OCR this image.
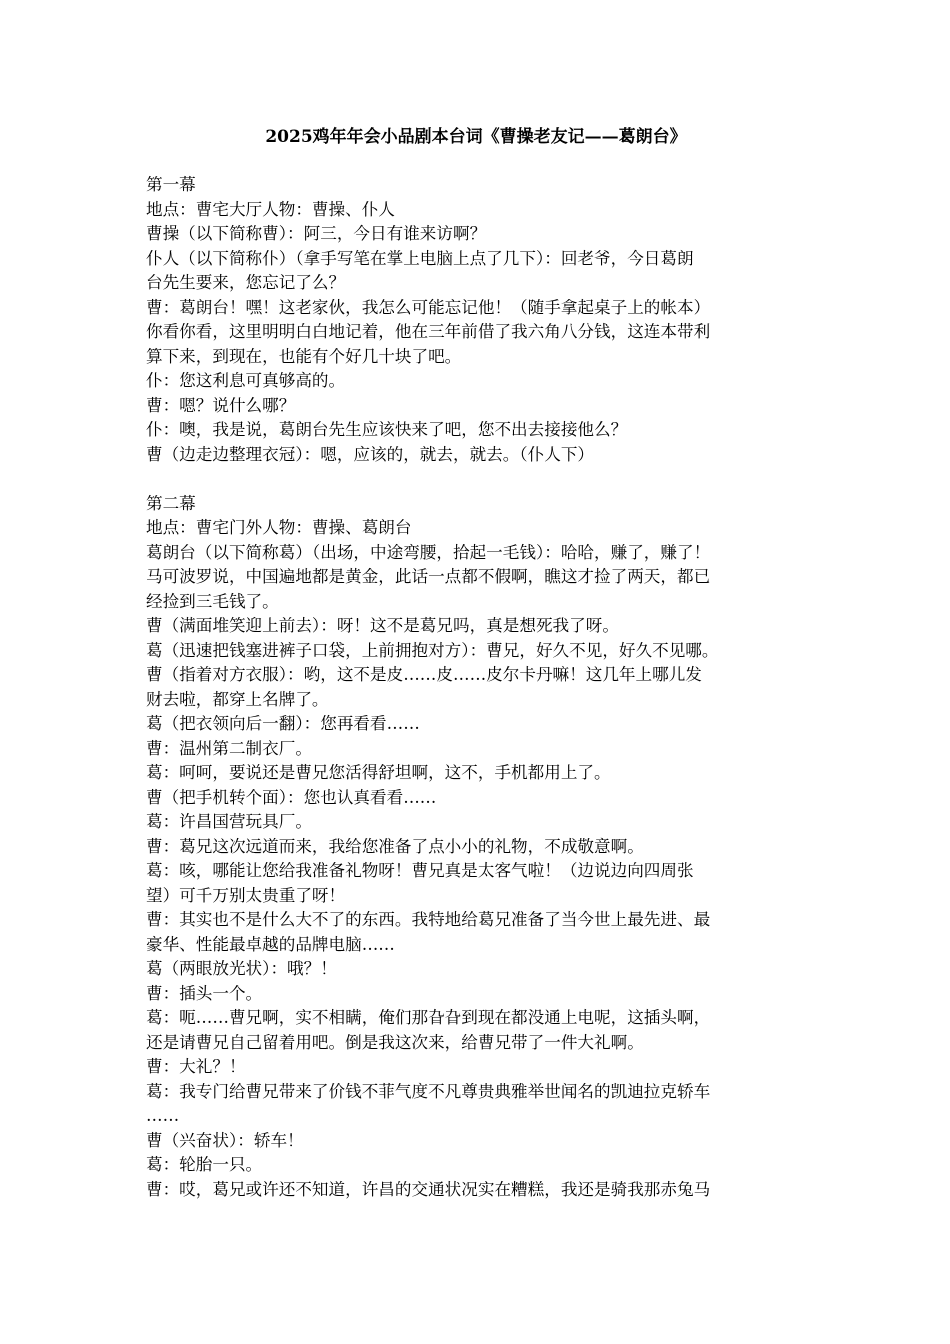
2025鸡年年会小品剧本台词《曹操老友记——葛朗台》
第一幕
地点：曹宅大厅人物：曹操、仆人
曹操（以下简称曹）：阿三，今日有谁来访啊？
仆人（以下简称仆）（拿手写笔在掌上电脑上点了几下）：回老爷，今日葛朗
台先生要来，您忘记了么？
曹：葛朗台！嘿！这老家伙，我怎么可能忘记他！（随手拿起桌子上的帐本）
你看你看，这里明明白白地记着，他在三年前借了我六角八分钱，这连本带利
算下来，到现在，也能有个好几十块了吧。
仆：您这利息可真够高的。
曹：嗯？说什么哪？
仆：噢，我是说，葛朗台先生应该快来了吧，您不出去接接他么？
曹（边走边整理衣冠）：嗯，应该的，就去，就去。（仆人下）
第二幕
地点：曹宅门外人物：曹操、葛朗台
葛朗台（以下简称葛）（出场，中途弯腰，拾起一毛钱）：哈哈，赚了，赚了！
马可波罗说，中国遍地都是黄金，此话一点都不假啊，瞧这才捡了两天，都已
经捡到三毛钱了。
曹（满面堆笑迎上前去）：呀！这不是葛兄吗，真是想死我了呀。
葛（迅速把钱塞进裤子口袋，上前拥抱对方）：曹兄，好久不见，好久不见哪。
曹（指着对方衣服）：哟，这不是皮……皮……皮尔卡丹嘛！这几年上哪儿发
财去啦，都穿上名牌了。
葛（把衣领向后一翻）：您再看看……
曹：温州第二制衣厂。
葛：呵呵，要说还是曹兄您活得舒坦啊，这不，手机都用上了。
曹（把手机转个面）：您也认真看看……
葛：许昌国营玩具厂。
曹：葛兄这次远道而来，我给您准备了点小小的礼物，不成敬意啊。
葛：咳，哪能让您给我准备礼物呀！曹兄真是太客气啦！（边说边向四周张
望）可千万别太贵重了呀！
曹：其实也不是什么大不了的东西。我特地给葛兄准备了当今世上最先进、最
豪华、性能最卓越的品牌电脑……
葛（两眼放光状）：哦？！
曹：插头一个。
葛：呃……曹兄啊，实不相瞒，俺们那旮旮到现在都没通上电呢，这插头啊，
还是请曹兄自己留着用吧。倒是我这次来，给曹兄带了一件大礼啊。
曹：大礼？！
葛：我专门给曹兄带来了价钱不菲气度不凡尊贵典雅举世闻名的凯迪拉克轿车
……
曹（兴奋状）：轿车！
葛：轮胎一只。
曹：哎，葛兄或许还不知道，许昌的交通状况实在糟糕，我还是骑我那赤兔马
